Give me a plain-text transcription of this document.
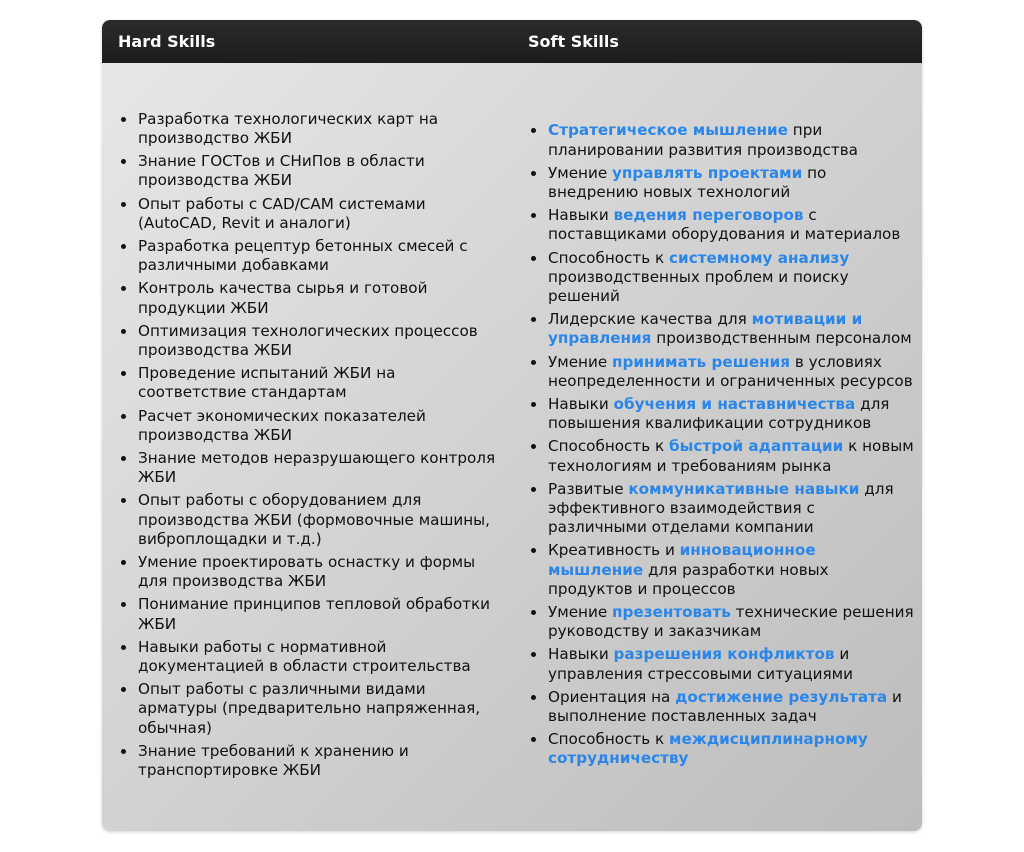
Hard Skills	Soft Skills
• Разработка технологических карт на производство ЖБИ
• Знание ГОСТов и СНиПов в области производства ЖБИ
• Опыт работы с CAD/CAM системами (AutoCAD, Revit и аналоги)
• Разработка рецептур бетонных смесей с различными добавками
• Контроль качества сырья и готовой продукции ЖБИ
• Оптимизация технологических процессов производства ЖБИ
• Проведение испытаний ЖБИ на соответствие стандартам
• Расчет экономических показателей производства ЖБИ
• Знание методов неразрушающего контроля ЖБИ
• Опыт работы с оборудованием для производства ЖБИ (формовочные машины, виброплощадки и т.д.)
• Умение проектировать оснастку и формы для производства ЖБИ
• Понимание принципов тепловой обработки ЖБИ
• Навыки работы с нормативной документацией в области строительства
• Опыт работы с различными видами арматуры (предварительно напряженная, обычная)
• Знание требований к хранению и транспортировке ЖБИ
• Стратегическое мышление при планировании развития производства
• Умение управлять проектами по внедрению новых технологий
• Навыки ведения переговоров с поставщиками оборудования и материалов
• Способность к системному анализу производственных проблем и поиску решений
• Лидерские качества для мотивации и управления производственным персоналом
• Умение принимать решения в условиях неопределенности и ограниченных ресурсов
• Навыки обучения и наставничества для повышения квалификации сотрудников
• Способность к быстрой адаптации к новым технологиям и требованиям рынка
• Развитые коммуникативные навыки для эффективного взаимодействия с различными отделами компании
• Креативность и инновационное мышление для разработки новых продуктов и процессов
• Умение презентовать технические решения руководству и заказчикам
• Навыки разрешения конфликтов и управления стрессовыми ситуациями
• Ориентация на достижение результата и выполнение поставленных задач
• Способность к междисциплинарному сотрудничеству
